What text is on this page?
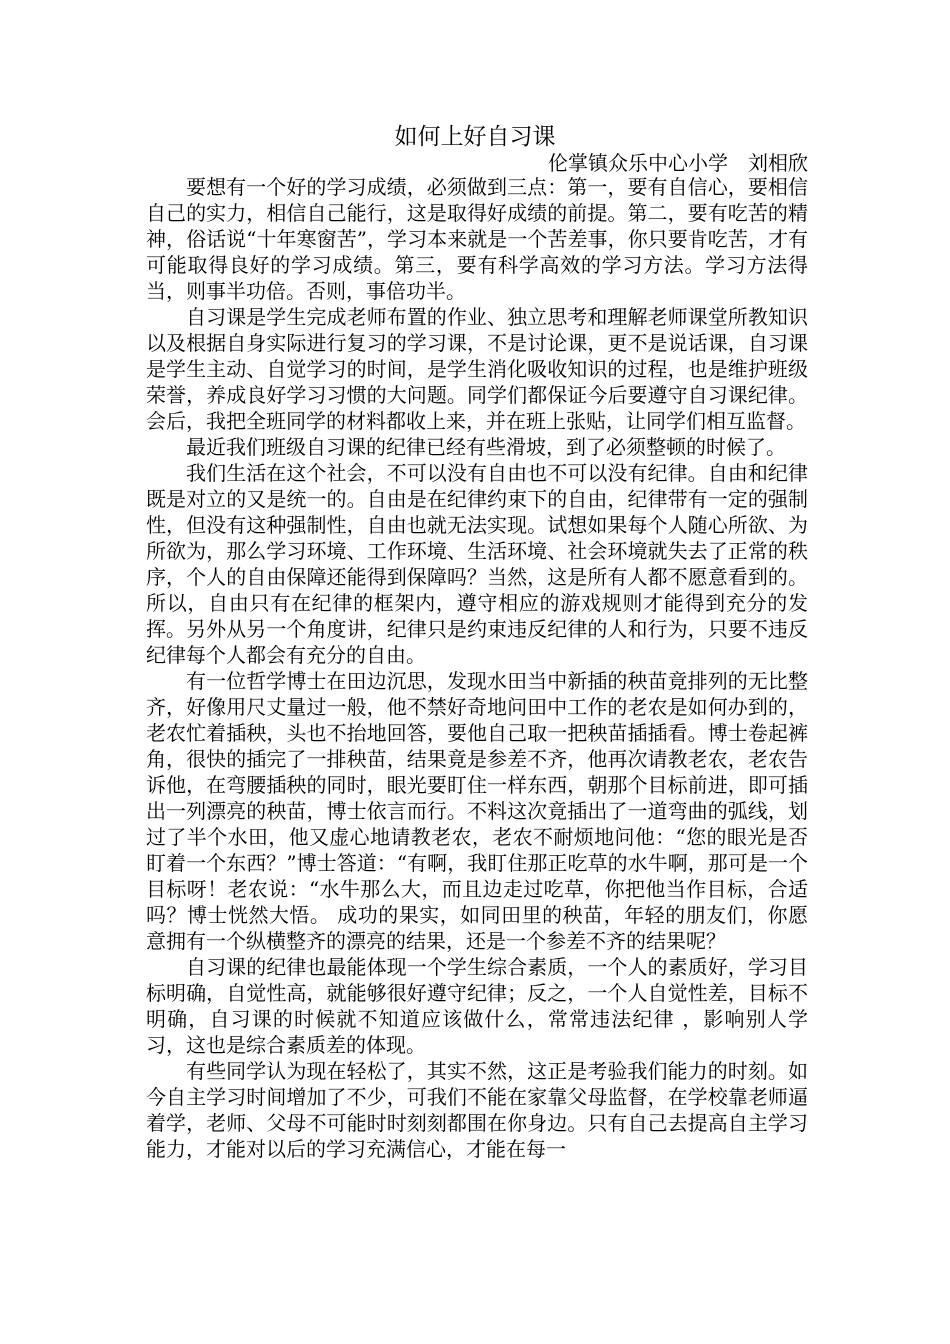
如何上好自习课
伦掌镇众乐中心小学　刘相欣

要想有一个好的学习成绩，必须做到三点：第一，要有自信心，要相信自己的实力，相信自己能行，这是取得好成绩的前提。第二，要有吃苦的精神，俗话说“十年寒窗苦”，学习本来就是一个苦差事，你只要肯吃苦，才有可能取得良好的学习成绩。第三，要有科学高效的学习方法。学习方法得当，则事半功倍。否则，事倍功半。

自习课是学生完成老师布置的作业、独立思考和理解老师课堂所教知识以及根据自身实际进行复习的学习课，不是讨论课，更不是说话课，自习课是学生主动、自觉学习的时间，是学生消化吸收知识的过程，也是维护班级荣誉，养成良好学习习惯的大问题。同学们都保证今后要遵守自习课纪律。会后，我把全班同学的材料都收上来，并在班上张贴，让同学们相互监督。

最近我们班级自习课的纪律已经有些滑坡，到了必须整顿的时候了。

我们生活在这个社会，不可以没有自由也不可以没有纪律。自由和纪律既是对立的又是统一的。自由是在纪律约束下的自由，纪律带有一定的强制性，但没有这种强制性，自由也就无法实现。试想如果每个人随心所欲、为所欲为，那么学习环境、工作环境、生活环境、社会环境就失去了正常的秩序，个人的自由保障还能得到保障吗？当然，这是所有人都不愿意看到的。所以，自由只有在纪律的框架内，遵守相应的游戏规则才能得到充分的发挥。另外从另一个角度讲，纪律只是约束违反纪律的人和行为，只要不违反纪律每个人都会有充分的自由。

有一位哲学博士在田边沉思，发现水田当中新插的秧苗竟排列的无比整齐，好像用尺丈量过一般，他不禁好奇地问田中工作的老农是如何办到的，老农忙着插秧，头也不抬地回答，要他自己取一把秧苗插插看。博士卷起裤角，很快的插完了一排秧苗，结果竟是参差不齐，他再次请教老农，老农告诉他，在弯腰插秧的同时，眼光要盯住一样东西，朝那个目标前进，即可插出一列漂亮的秧苗，博士依言而行。不料这次竟插出了一道弯曲的弧线，划过了半个水田，他又虚心地请教老农，老农不耐烦地问他：“您的眼光是否盯着一个东西？”博士答道：“有啊，我盯住那正吃草的水牛啊，那可是一个目标呀！老农说：“水牛那么大，而且边走过吃草，你把他当作目标，合适吗？博士恍然大悟。 成功的果实，如同田里的秧苗，年轻的朋友们，你愿意拥有一个纵横整齐的漂亮的结果，还是一个参差不齐的结果呢？

自习课的纪律也最能体现一个学生综合素质，一个人的素质好，学习目标明确，自觉性高，就能够很好遵守纪律；反之，一个人自觉性差，目标不明确，自习课的时候就不知道应该做什么，常常违法纪律 ，影响别人学习，这也是综合素质差的体现。

有些同学认为现在轻松了，其实不然，这正是考验我们能力的时刻。如今自主学习时间增加了不少，可我们不能在家靠父母监督，在学校靠老师逼着学，老师、父母不可能时时刻刻都围在你身边。只有自己去提高自主学习能力，才能对以后的学习充满信心，才能在每一
